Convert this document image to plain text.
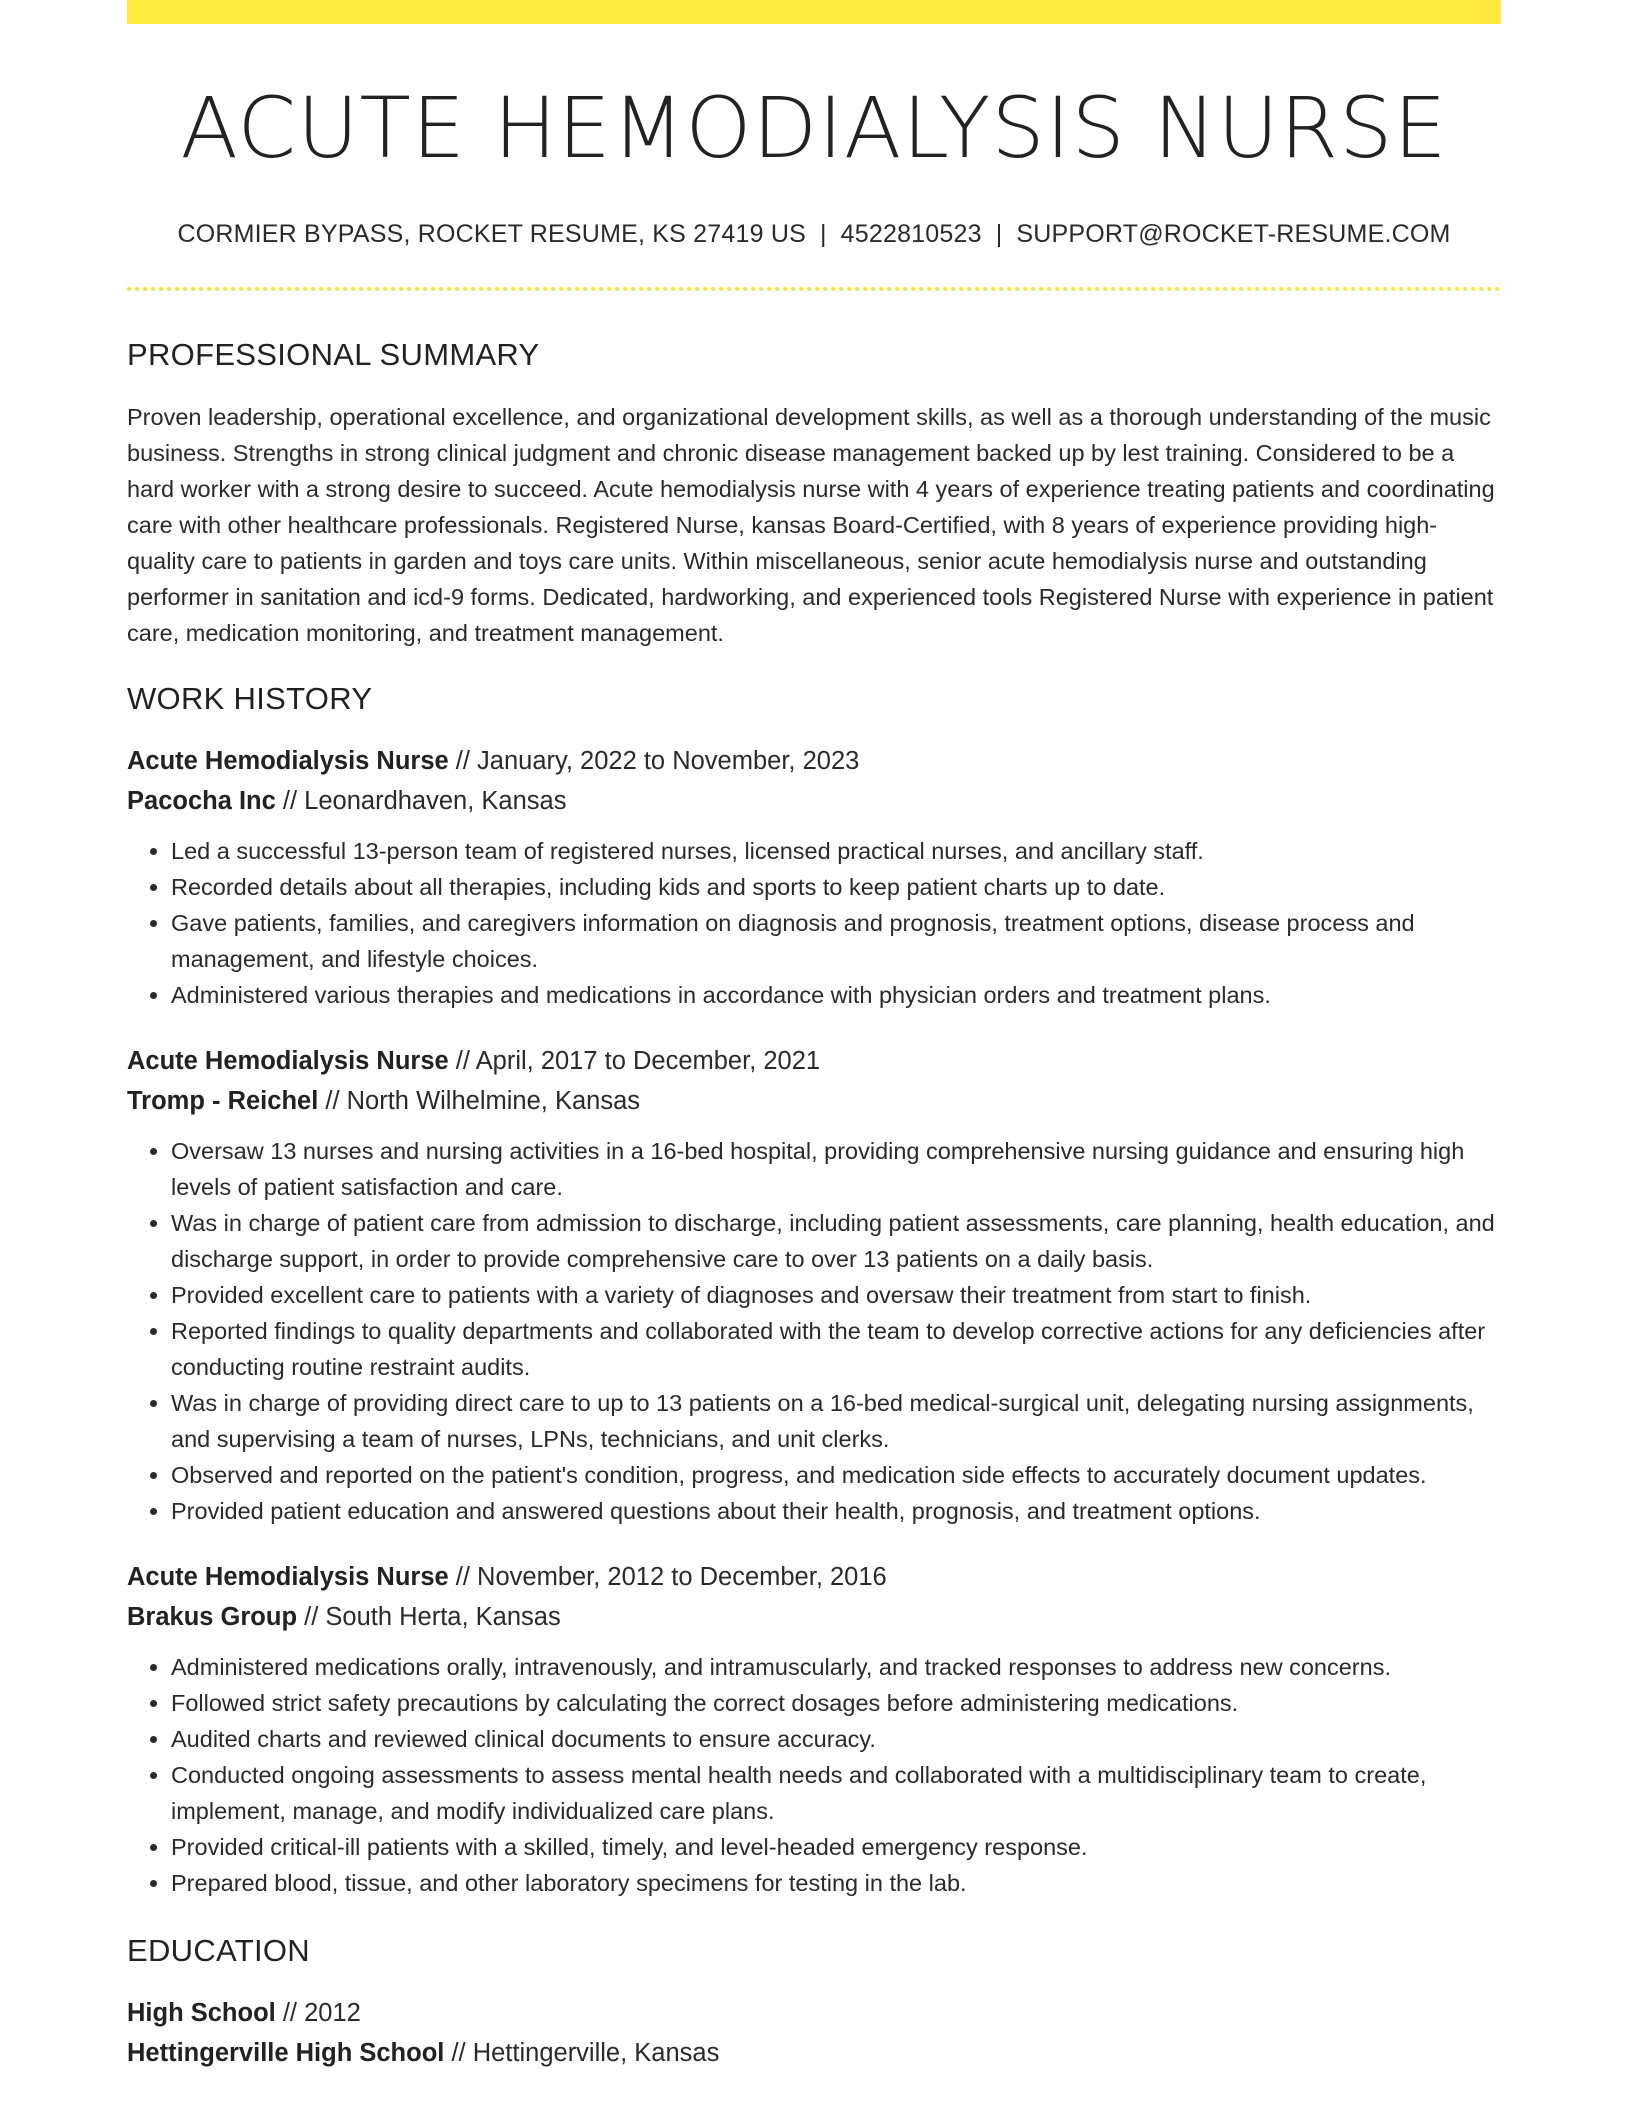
ACUTE HEMODIALYSIS NURSE
CORMIER BYPASS, ROCKET RESUME, KS 27419 US | 4522810523 | SUPPORT@ROCKET-RESUME.COM
PROFESSIONAL SUMMARY
Proven leadership, operational excellence, and organizational development skills, as well as a thorough understanding of the music business. Strengths in strong clinical judgment and chronic disease management backed up by lest training. Considered to be a hard worker with a strong desire to succeed. Acute hemodialysis nurse with 4 years of experience treating patients and coordinating care with other healthcare professionals. Registered Nurse, kansas Board-Certified, with 8 years of experience providing high-quality care to patients in garden and toys care units. Within miscellaneous, senior acute hemodialysis nurse and outstanding performer in sanitation and icd-9 forms. Dedicated, hardworking, and experienced tools Registered Nurse with experience in patient care, medication monitoring, and treatment management.
WORK HISTORY
Acute Hemodialysis Nurse // January, 2022 to November, 2023
Pacocha Inc // Leonardhaven, Kansas
• Led a successful 13-person team of registered nurses, licensed practical nurses, and ancillary staff.
• Recorded details about all therapies, including kids and sports to keep patient charts up to date.
• Gave patients, families, and caregivers information on diagnosis and prognosis, treatment options, disease process and management, and lifestyle choices.
• Administered various therapies and medications in accordance with physician orders and treatment plans.
Acute Hemodialysis Nurse // April, 2017 to December, 2021
Tromp - Reichel // North Wilhelmine, Kansas
• Oversaw 13 nurses and nursing activities in a 16-bed hospital, providing comprehensive nursing guidance and ensuring high levels of patient satisfaction and care.
• Was in charge of patient care from admission to discharge, including patient assessments, care planning, health education, and discharge support, in order to provide comprehensive care to over 13 patients on a daily basis.
• Provided excellent care to patients with a variety of diagnoses and oversaw their treatment from start to finish.
• Reported findings to quality departments and collaborated with the team to develop corrective actions for any deficiencies after conducting routine restraint audits.
• Was in charge of providing direct care to up to 13 patients on a 16-bed medical-surgical unit, delegating nursing assignments, and supervising a team of nurses, LPNs, technicians, and unit clerks.
• Observed and reported on the patient's condition, progress, and medication side effects to accurately document updates.
• Provided patient education and answered questions about their health, prognosis, and treatment options.
Acute Hemodialysis Nurse // November, 2012 to December, 2016
Brakus Group // South Herta, Kansas
• Administered medications orally, intravenously, and intramuscularly, and tracked responses to address new concerns.
• Followed strict safety precautions by calculating the correct dosages before administering medications.
• Audited charts and reviewed clinical documents to ensure accuracy.
• Conducted ongoing assessments to assess mental health needs and collaborated with a multidisciplinary team to create, implement, manage, and modify individualized care plans.
• Provided critical-ill patients with a skilled, timely, and level-headed emergency response.
• Prepared blood, tissue, and other laboratory specimens for testing in the lab.
EDUCATION
High School // 2012
Hettingerville High School // Hettingerville, Kansas
